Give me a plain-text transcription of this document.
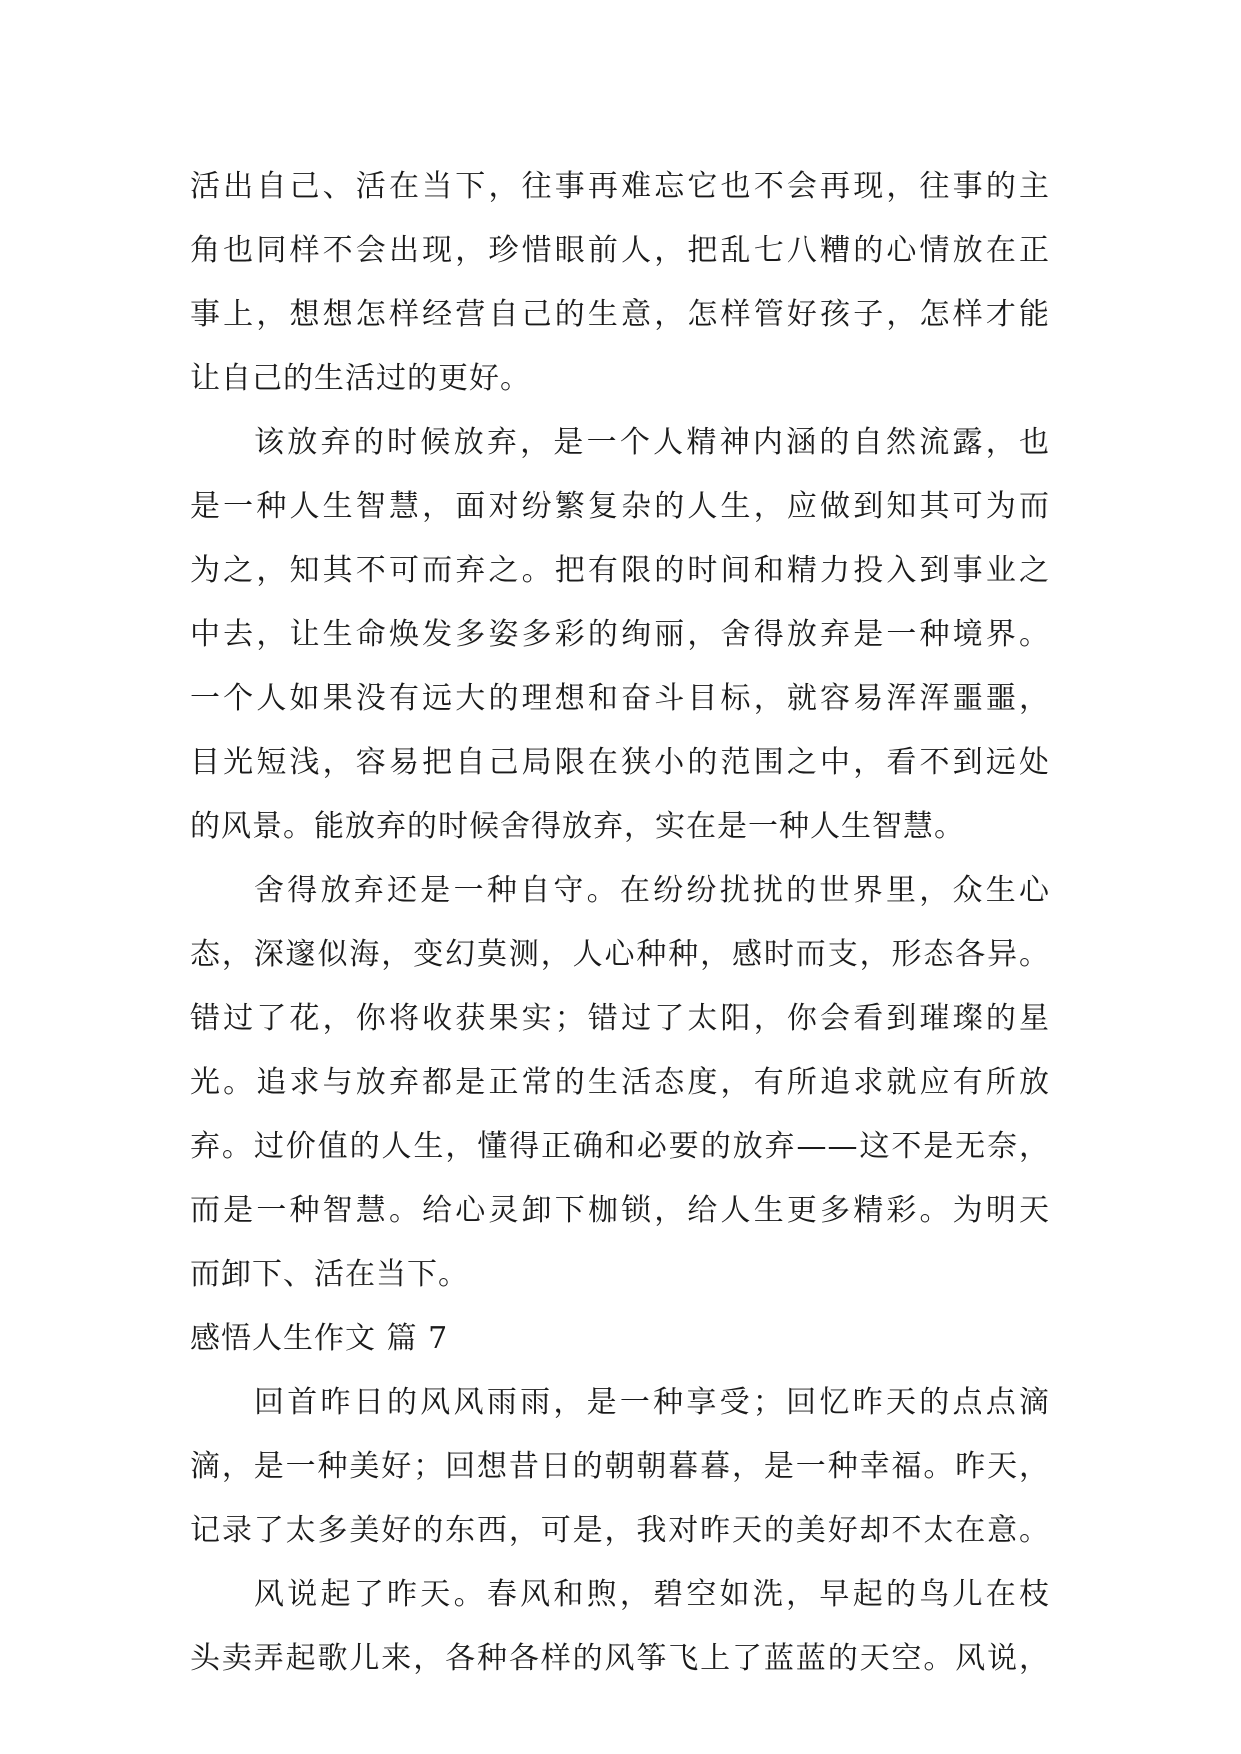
活出自己、活在当下，往事再难忘它也不会再现，往事的主
角也同样不会出现，珍惜眼前人，把乱七八糟的心情放在正
事上，想想怎样经营自己的生意，怎样管好孩子，怎样才能
让自己的生活过的更好。
该放弃的时候放弃，是一个人精神内涵的自然流露，也
是一种人生智慧，面对纷繁复杂的人生，应做到知其可为而
为之，知其不可而弃之。把有限的时间和精力投入到事业之
中去，让生命焕发多姿多彩的绚丽，舍得放弃是一种境界。
一个人如果没有远大的理想和奋斗目标，就容易浑浑噩噩，
目光短浅，容易把自己局限在狭小的范围之中，看不到远处
的风景。能放弃的时候舍得放弃，实在是一种人生智慧。
舍得放弃还是一种自守。在纷纷扰扰的世界里，众生心
态，深邃似海，变幻莫测，人心种种，感时而支，形态各异。
错过了花，你将收获果实；错过了太阳，你会看到璀璨的星
光。追求与放弃都是正常的生活态度，有所追求就应有所放
弃。过价值的人生，懂得正确和必要的放弃——这不是无奈，
而是一种智慧。给心灵卸下枷锁，给人生更多精彩。为明天
而卸下、活在当下。
感悟人生作文 篇 7
回首昨日的风风雨雨，是一种享受；回忆昨天的点点滴
滴，是一种美好；回想昔日的朝朝暮暮，是一种幸福。昨天，
记录了太多美好的东西，可是，我对昨天的美好却不太在意。
风说起了昨天。春风和煦，碧空如洗，早起的鸟儿在枝
头卖弄起歌儿来，各种各样的风筝飞上了蓝蓝的天空。风说，
